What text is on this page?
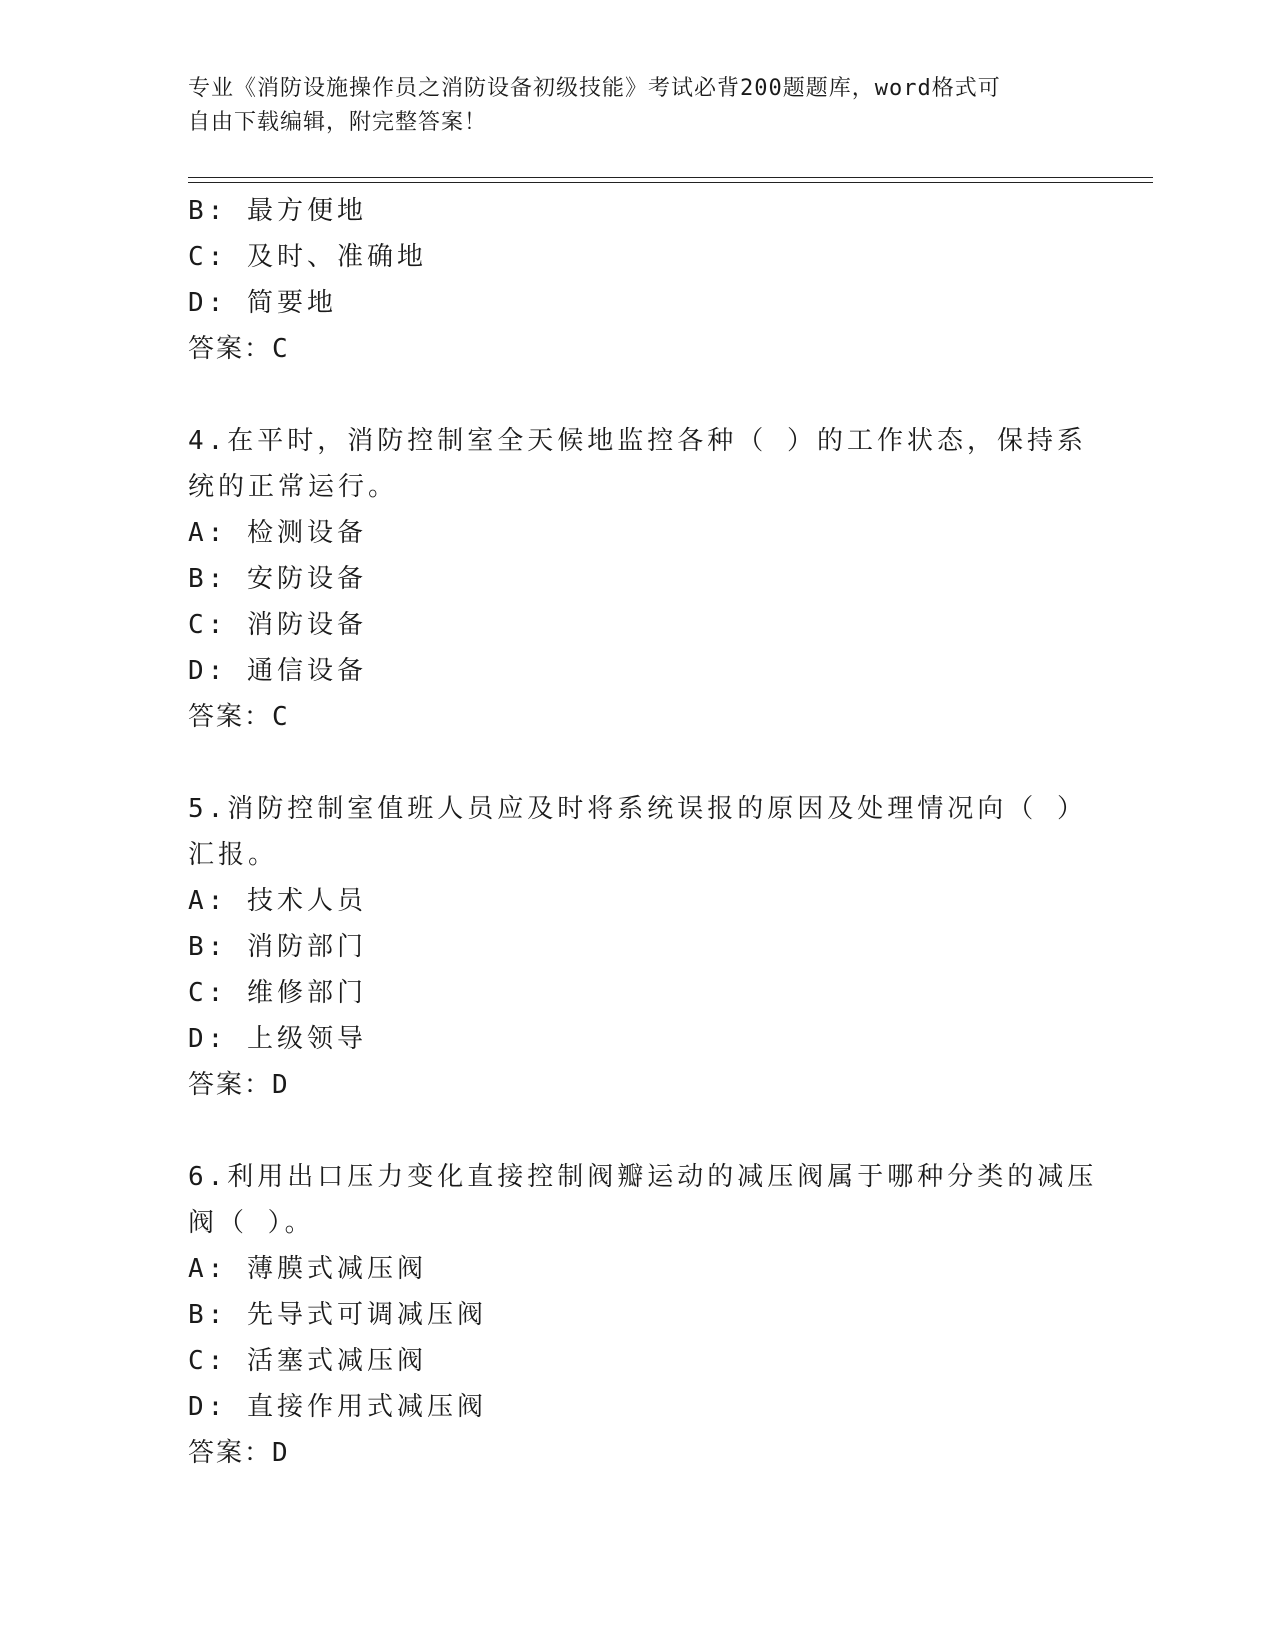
专业《消防设施操作员之消防设备初级技能》考试必背200题题库，word格式可
自由下载编辑，附完整答案！
B: 最方便地
C: 及时、准确地
D: 简要地
答案：C
4.在平时，消防控制室全天候地监控各种（ ）的工作状态，保持系
统的正常运行。
A: 检测设备
B: 安防设备
C: 消防设备
D: 通信设备
答案：C
5.消防控制室值班人员应及时将系统误报的原因及处理情况向（ ）
汇报。
A: 技术人员
B: 消防部门
C: 维修部门
D: 上级领导
答案：D
6.利用出口压力变化直接控制阀瓣运动的减压阀属于哪种分类的减压
阀（ ）。
A: 薄膜式减压阀
B: 先导式可调减压阀
C: 活塞式减压阀
D: 直接作用式减压阀
答案：D
